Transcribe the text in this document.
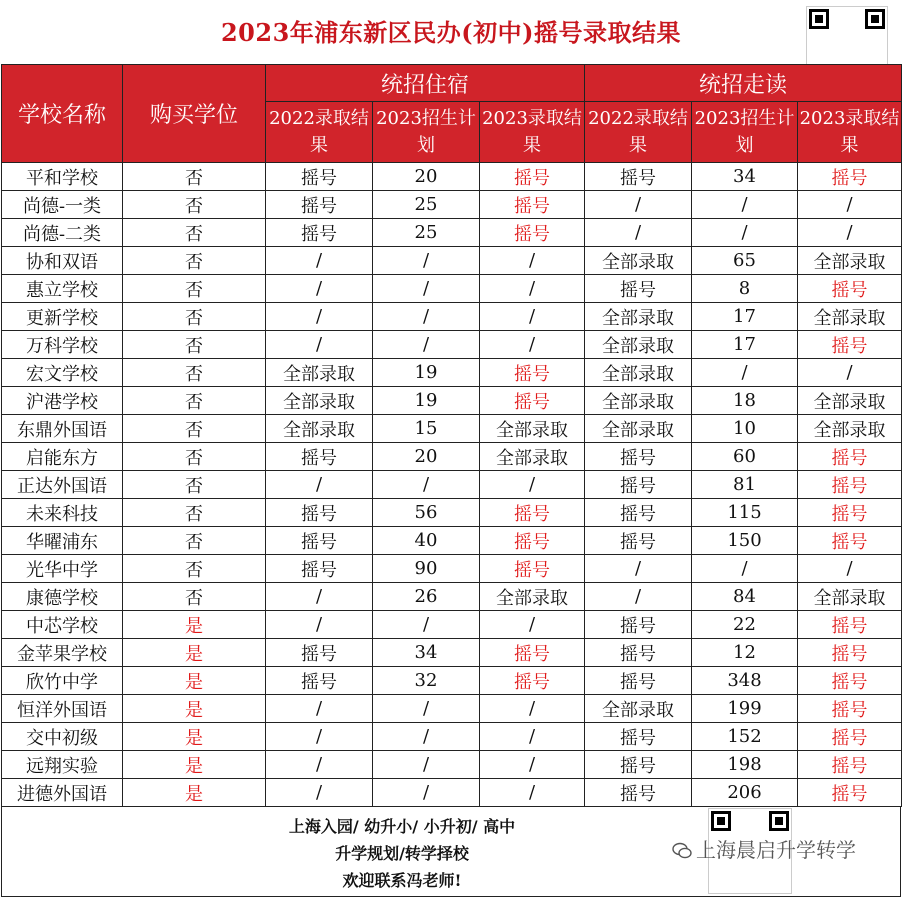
2023年浦东新区民办(初中)摇号录取结果
学校名称	购买学位	统招住宿			统招走读		
		2022录取结果	2023招生计划	2023录取结果	2022录取结果	2023招生计划	2023录取结果
平和学校	否	摇号	20	摇号	摇号	34	摇号
尚德-一类	否	摇号	25	摇号	/	/	/
尚德-二类	否	摇号	25	摇号	/	/	/
协和双语	否	/	/	/	全部录取	65	全部录取
惠立学校	否	/	/	/	摇号	8	摇号
更新学校	否	/	/	/	全部录取	17	全部录取
万科学校	否	/	/	/	全部录取	17	摇号
宏文学校	否	全部录取	19	摇号	全部录取	/	/
沪港学校	否	全部录取	19	摇号	全部录取	18	全部录取
东鼎外国语	否	全部录取	15	全部录取	全部录取	10	全部录取
启能东方	否	摇号	20	全部录取	摇号	60	摇号
正达外国语	否	/	/	/	摇号	81	摇号
未来科技	否	摇号	56	摇号	摇号	115	摇号
华曜浦东	否	摇号	40	摇号	摇号	150	摇号
光华中学	否	摇号	90	摇号	/	/	/
康德学校	否	/	26	全部录取	/	84	全部录取
中芯学校	是	/	/	/	摇号	22	摇号
金苹果学校	是	摇号	34	摇号	摇号	12	摇号
欣竹中学	是	摇号	32	摇号	摇号	348	摇号
恒洋外国语	是	/	/	/	全部录取	199	摇号
交中初级	是	/	/	/	摇号	152	摇号
远翔实验	是	/	/	/	摇号	198	摇号
进德外国语	是	/	/	/	摇号	206	摇号
上海入园/ 幼升小/ 小升初/ 高中
升学规划/转学择校
欢迎联系冯老师!
上海晨启升学转学
